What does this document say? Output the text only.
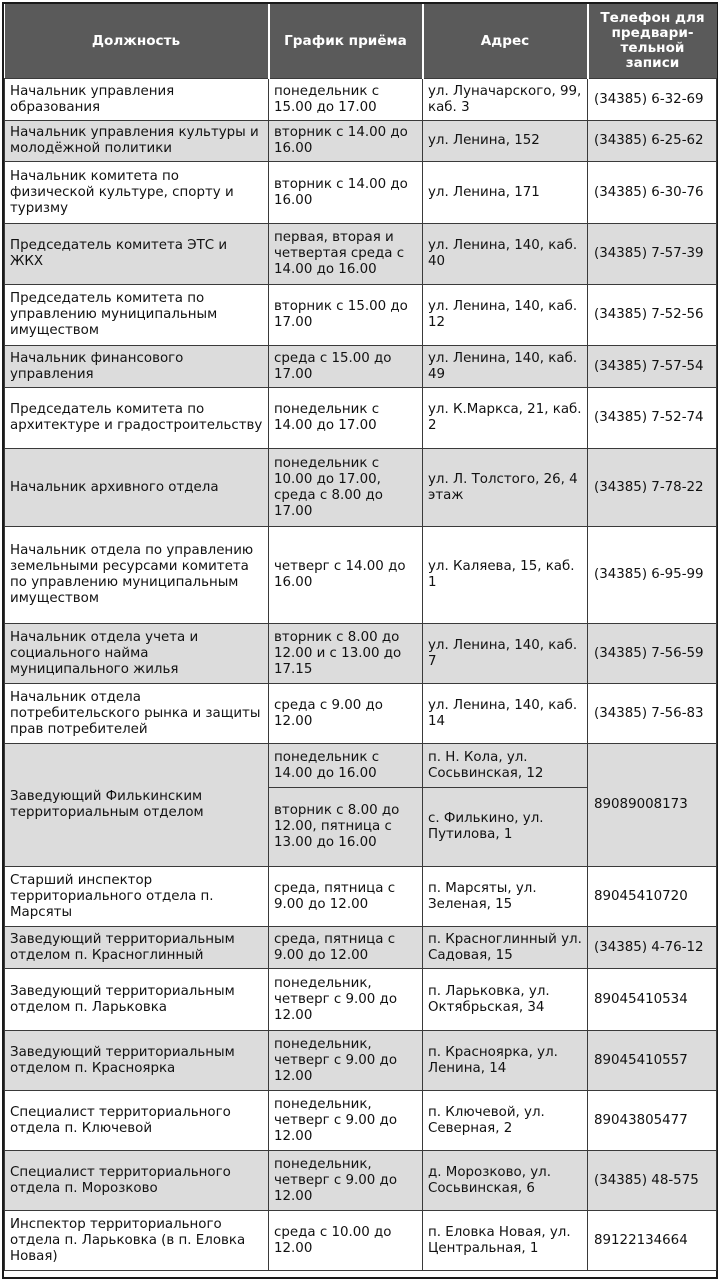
Должность	График приёма	Адрес	Телефон для предвари-тельной записи
Начальник управления образования	понедельник с 15.00 до 17.00	ул. Луначарского, 99, каб. 3	(34385) 6-32-69
Начальник управления культуры и молодёжной политики	вторник с 14.00 до 16.00	ул. Ленина, 152	(34385) 6-25-62
Начальник комитета по физической культуре, спорту и туризму	вторник с 14.00 до 16.00	ул. Ленина, 171	(34385) 6-30-76
Председатель комитета ЭТС и ЖКХ	первая, вторая и четвертая среда с 14.00 до 16.00	ул. Ленина, 140, каб. 40	(34385) 7-57-39
Председатель комитета по управлению муниципальным имуществом	вторник с 15.00 до 17.00	ул. Ленина, 140, каб. 12	(34385) 7-52-56
Начальник финансового управления	среда с 15.00 до 17.00	ул. Ленина, 140, каб. 49	(34385) 7-57-54
Председатель комитета по архитектуре и градостроительству	понедельник с 14.00 до 17.00	ул. К.Маркса, 21, каб. 2	(34385) 7-52-74
Начальник архивного отдела	понедельник с 10.00 до 17.00, среда с 8.00 до 17.00	ул. Л. Толстого, 26, 4 этаж	(34385) 7-78-22
Начальник отдела по управлению земельными ресурсами комитета по управлению муниципальным имуществом	четверг с 14.00 до 16.00	ул. Каляева, 15, каб. 1	(34385) 6-95-99
Начальник отдела учета и социального найма муниципального жилья	вторник с 8.00 до 12.00 и с 13.00 до 17.15	ул. Ленина, 140, каб. 7	(34385) 7-56-59
Начальник отдела потребительского рынка и защиты прав потребителей	среда с 9.00 до 12.00	ул. Ленина, 140, каб. 14	(34385) 7-56-83
Заведующий Филькинским территориальным отделом	понедельник с 14.00 до 16.00	п. Н. Кола, ул. Сосьвинская, 12	89089008173
	вторник с 8.00 до 12.00, пятница с 13.00 до 16.00	с. Филькино, ул. Путилова, 1	
Старший инспектор территориального отдела п. Марсяты	среда, пятница с 9.00 до 12.00	п. Марсяты, ул. Зеленая, 15	89045410720
Заведующий территориальным отделом п. Красноглинный	среда, пятница с 9.00 до 12.00	п. Красноглинный ул. Садовая, 15	(34385) 4-76-12
Заведующий территориальным отделом п. Ларьковка	понедельник, четверг с 9.00 до 12.00	п. Ларьковка, ул. Октябрьская, 34	89045410534
Заведующий территориальным отделом п. Красноярка	понедельник, четверг с 9.00 до 12.00	п. Красноярка, ул. Ленина, 14	89045410557
Специалист территориального отдела п. Ключевой	понедельник, четверг с 9.00 до 12.00	п. Ключевой, ул. Северная, 2	89043805477
Специалист территориального отдела п. Морозково	понедельник, четверг с 9.00 до 12.00	д. Морозково, ул. Сосьвинская, 6	(34385) 48-575
Инспектор территориального отдела п. Ларьковка (в п. Еловка Новая)	среда с 10.00 до 12.00	п. Еловка Новая, ул. Центральная, 1	89122134664
